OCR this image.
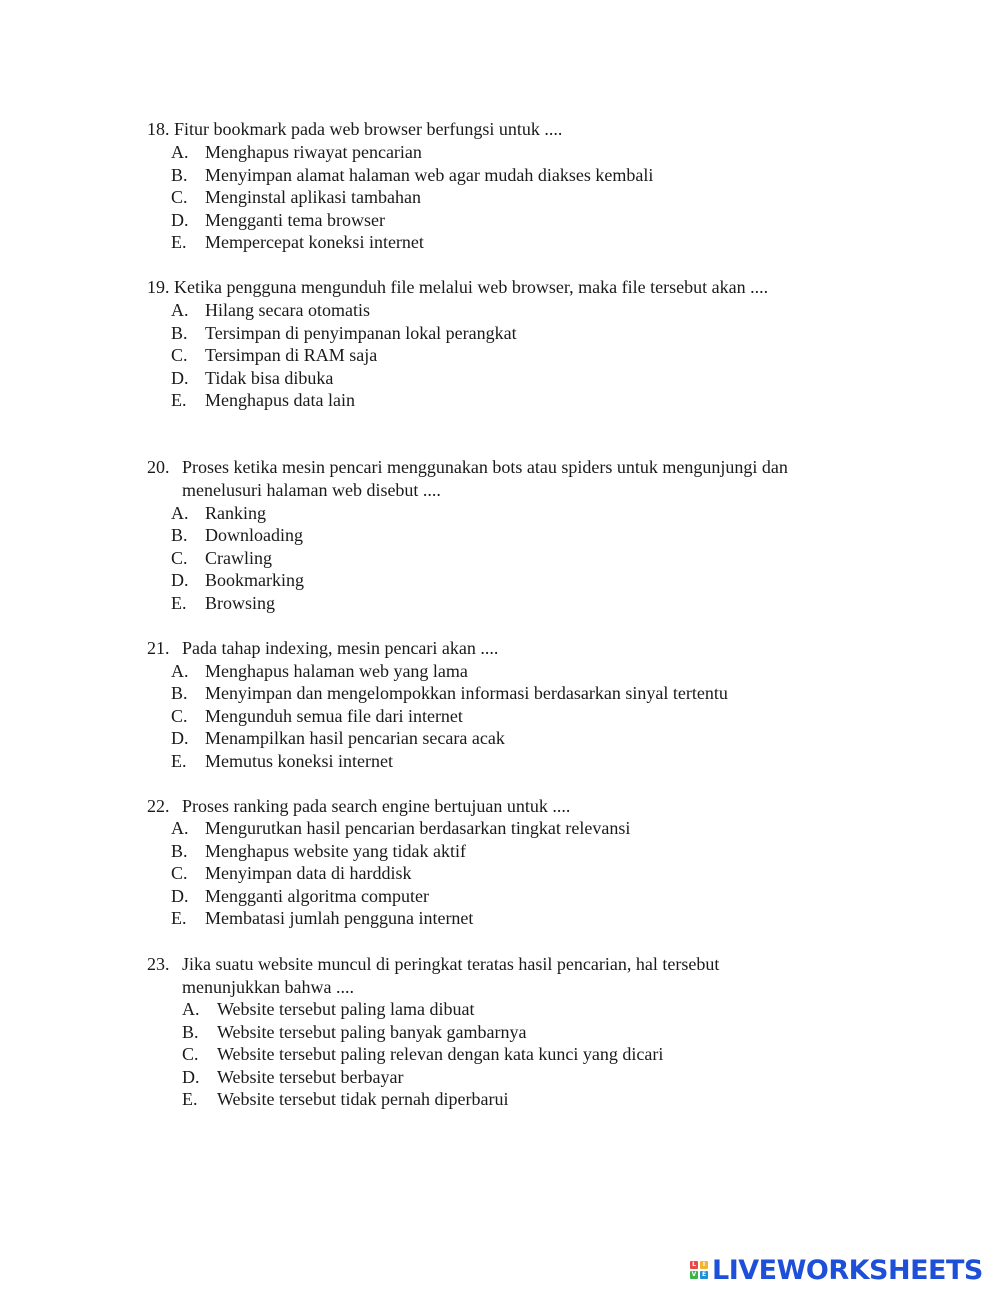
18. Fitur bookmark pada web browser berfungsi untuk ....
A. Menghapus riwayat pencarian
B. Menyimpan alamat halaman web agar mudah diakses kembali
C. Menginstal aplikasi tambahan
D. Mengganti tema browser
E. Mempercepat koneksi internet
19. Ketika pengguna mengunduh file melalui web browser, maka file tersebut akan ....
A. Hilang secara otomatis
B. Tersimpan di penyimpanan lokal perangkat
C. Tersimpan di RAM saja
D. Tidak bisa dibuka
E. Menghapus data lain
20. Proses ketika mesin pencari menggunakan bots atau spiders untuk mengunjungi dan
menelusuri halaman web disebut ....
A. Ranking
B. Downloading
C. Crawling
D. Bookmarking
E. Browsing
21. Pada tahap indexing, mesin pencari akan ....
A. Menghapus halaman web yang lama
B. Menyimpan dan mengelompokkan informasi berdasarkan sinyal tertentu
C. Mengunduh semua file dari internet
D. Menampilkan hasil pencarian secara acak
E. Memutus koneksi internet
22. Proses ranking pada search engine bertujuan untuk ....
A. Mengurutkan hasil pencarian berdasarkan tingkat relevansi
B. Menghapus website yang tidak aktif
C. Menyimpan data di harddisk
D. Mengganti algoritma computer
E. Membatasi jumlah pengguna internet
23. Jika suatu website muncul di peringkat teratas hasil pencarian, hal tersebut
menunjukkan bahwa ....
A. Website tersebut paling lama dibuat
B. Website tersebut paling banyak gambarnya
C. Website tersebut paling relevan dengan kata kunci yang dicari
D. Website tersebut berbayar
E. Website tersebut tidak pernah diperbarui
L	I
V E LIVEWORKSHEETS
